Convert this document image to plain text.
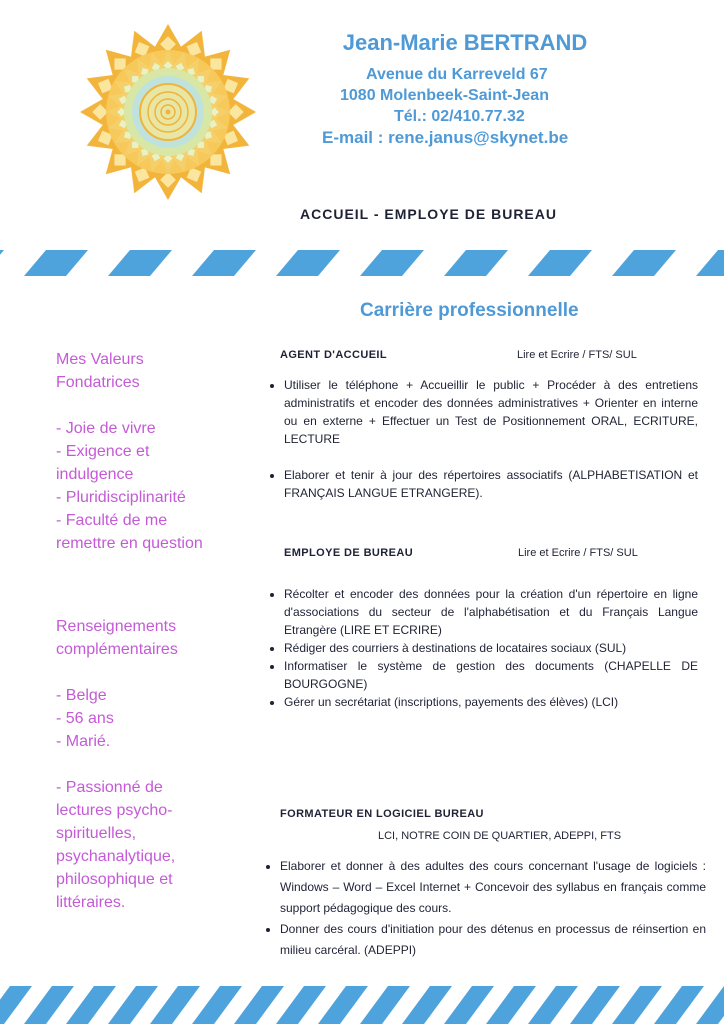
Jean-Marie BERTRAND
Avenue du Karreveld 67
1080 Molenbeek-Saint-Jean
Tél.: 02/410.77.32
E-mail : rene.janus@skynet.be
ACCUEIL - EMPLOYE DE BUREAU
Carrière professionnelle
Mes Valeurs
Fondatrices
- Joie de vivre
- Exigence et
indulgence
- Pluridisciplinarité
- Faculté de me
remettre en question
Renseignements
complémentaires
- Belge
- 56 ans
- Marié.
- Passionné de
lectures psycho-
spirituelles,
psychanalytique,
philosophique et
littéraires.
AGENT D'ACCUEIL	Lire et Ecrire / FTS/ SUL
• Utiliser le téléphone + Accueillir le public + Procéder à des entretiens administratifs et encoder des données administratives + Orienter en interne ou en externe + Effectuer un Test de Positionnement ORAL, ECRITURE, LECTURE
• Elaborer et tenir à jour des répertoires associatifs (ALPHABETISATION et FRANÇAIS LANGUE ETRANGERE).
EMPLOYE DE BUREAU	Lire et Ecrire / FTS/ SUL
• Récolter et encoder des données pour la création d'un répertoire en ligne d'associations du secteur de l'alphabétisation et du Français Langue Etrangère (LIRE ET ECRIRE)
• Rédiger des courriers à destinations de locataires sociaux (SUL)
• Informatiser le système de gestion des documents (CHAPELLE DE BOURGOGNE)
• Gérer un secrétariat (inscriptions, payements des élèves) (LCI)
FORMATEUR EN LOGICIEL BUREAU
LCI, NOTRE COIN DE QUARTIER, ADEPPI, FTS
• Elaborer et donner à des adultes des cours concernant l'usage de logiciels : Windows – Word – Excel Internet + Concevoir des syllabus en français comme support pédagogique des cours.
• Donner des cours d'initiation pour des détenus en processus de réinsertion en milieu carcéral. (ADEPPI)
